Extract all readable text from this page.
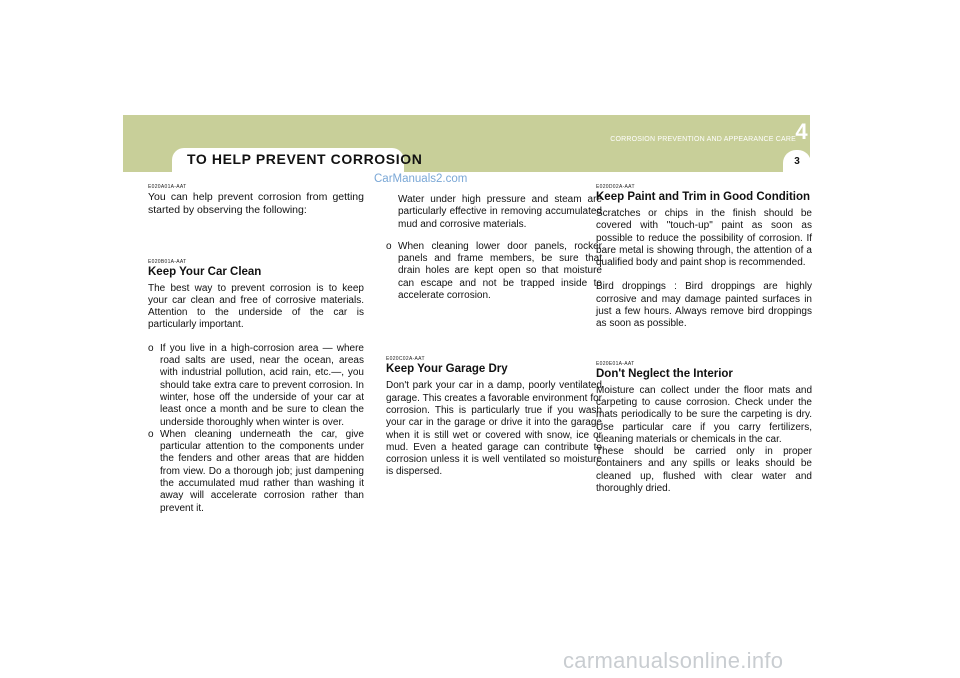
TO HELP PREVENT CORROSION
CORROSION PREVENTION AND APPEARANCE CARE 4
3
CarManuals2.com
E020A01A-AAT

You can help prevent corrosion from getting started by observing the following:

E020B01A-AAT
Keep Your Car Clean

The best way to prevent corrosion is to keep your car clean and free of corrosive materials. Attention to the underside of the car is particularly important.

o If you live in a high-corrosion area — where road salts are used, near the ocean, areas with industrial pollution, acid rain, etc.—, you should take extra care to prevent corrosion. In winter, hose off the underside of your car at least once a month and be sure to clean the underside thoroughly when winter is over.
o When cleaning underneath the car, give particular attention to the components under the fenders and other areas that are hidden from view. Do a thorough job; just dampening the accumulated mud rather than washing it away will accelerate corrosion rather than prevent it.

Water under high pressure and steam are particularly effective in removing accumulated mud and corrosive materials.

o When cleaning lower door panels, rocker panels and frame members, be sure that drain holes are kept open so that moisture can escape and not be trapped inside to accelerate corrosion.
E020C02A-AAT
Keep Your Garage Dry

Don't park your car in a damp, poorly ventilated garage. This creates a favorable environment for corrosion. This is particularly true if you wash your car in the garage or drive it into the garage when it is still wet or covered with snow, ice or mud. Even a heated garage can contribute to corrosion unless it is well ventilated so moisture is dispersed.

E020D02A-AAT
Keep Paint and Trim in Good Condition

Scratches or chips in the finish should be covered with "touch-up" paint as soon as possible to reduce the possibility of corrosion. If bare metal is showing through, the attention of a qualified body and paint shop is recommended.

Bird droppings : Bird droppings are highly corrosive and may damage painted surfaces in just a few hours. Always remove bird droppings as soon as possible.

E020E01A-AAT
Don't Neglect the Interior

Moisture can collect under the floor mats and carpeting to cause corrosion. Check under the mats periodically to be sure the carpeting is dry. Use particular care if you carry fertilizers, cleaning materials or chemicals in the car.

These should be carried only in proper containers and any spills or leaks should be cleaned up, flushed with clear water and thoroughly dried.

carmanualsonline.info
